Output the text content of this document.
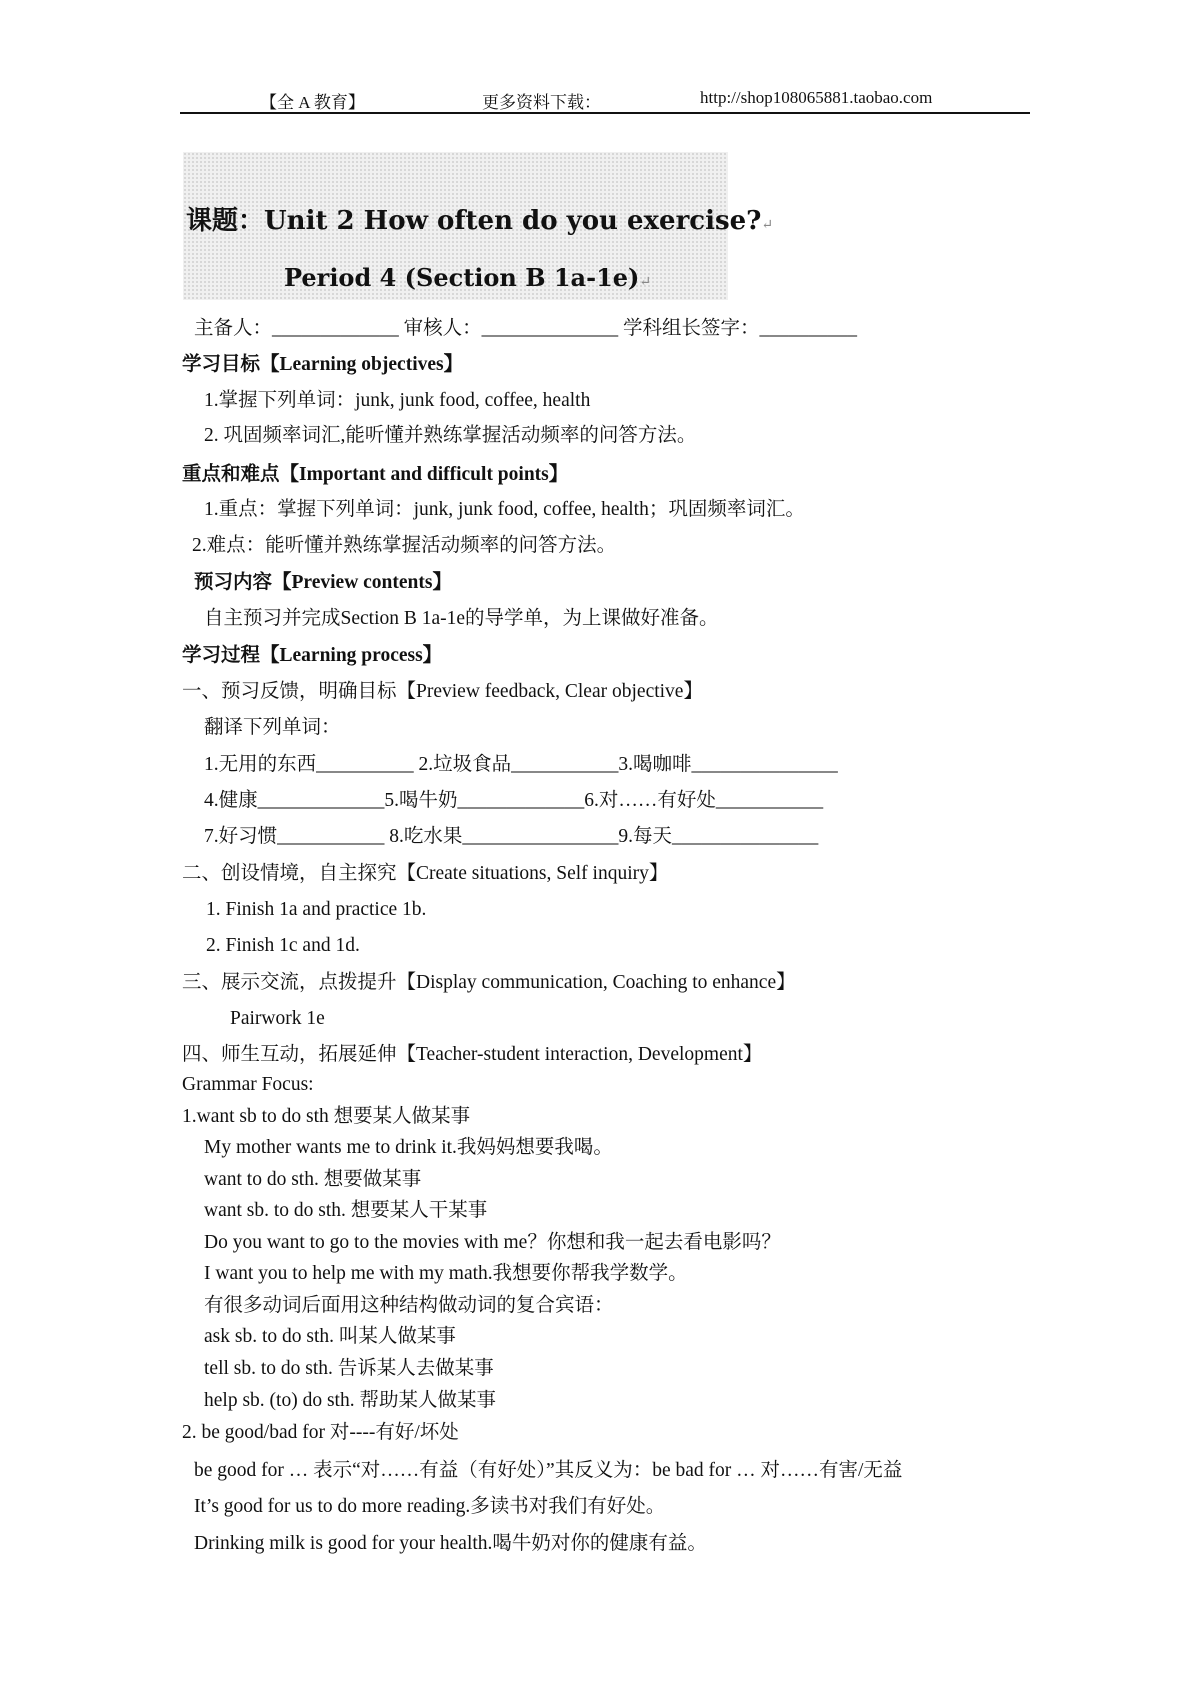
【全 A 教育】	更多资料下载：	http://shop108065881.taobao.com
课题：Unit 2 How often do you exercise?↵
Period 4 (Section B 1a-1e)↵
主备人：_____________ 审核人：______________ 学科组长签字：__________
学习目标【Learning objectives】
1.掌握下列单词：junk, junk food, coffee, health
2. 巩固频率词汇,能听懂并熟练掌握活动频率的问答方法。
重点和难点【Important and difficult points】
1.重点：掌握下列单词：junk, junk food, coffee, health；巩固频率词汇。
2.难点：能听懂并熟练掌握活动频率的问答方法。
预习内容【Preview contents】
自主预习并完成Section B 1a-1e的导学单，为上课做好准备。
学习过程【Learning process】
一、预习反馈，明确目标【Preview feedback, Clear objective】
翻译下列单词：
1.无用的东西__________ 2.垃圾食品___________3.喝咖啡_______________
4.健康_____________5.喝牛奶_____________6.对……有好处___________
7.好习惯___________ 8.吃水果________________9.每天_______________
二、创设情境，自主探究【Create situations, Self inquiry】
1. Finish 1a and practice 1b.
2. Finish 1c and 1d.
三、展示交流，点拨提升【Display communication, Coaching to enhance】
Pairwork 1e
四、师生互动，拓展延伸【Teacher-student interaction, Development】
Grammar Focus:
1.want sb to do sth 想要某人做某事
My mother wants me to drink it.我妈妈想要我喝。
want to do sth. 想要做某事
want sb. to do sth. 想要某人干某事
Do you want to go to the movies with me？你想和我一起去看电影吗？
I want you to help me with my math.我想要你帮我学数学。
有很多动词后面用这种结构做动词的复合宾语：
ask sb. to do sth. 叫某人做某事
tell sb. to do sth. 告诉某人去做某事
help sb. (to) do sth. 帮助某人做某事
2. be good/bad for 对----有好/坏处
be good for … 表示“对……有益（有好处）”其反义为：be bad for … 对……有害/无益
It’s good for us to do more reading.多读书对我们有好处。
Drinking milk is good for your health.喝牛奶对你的健康有益。
